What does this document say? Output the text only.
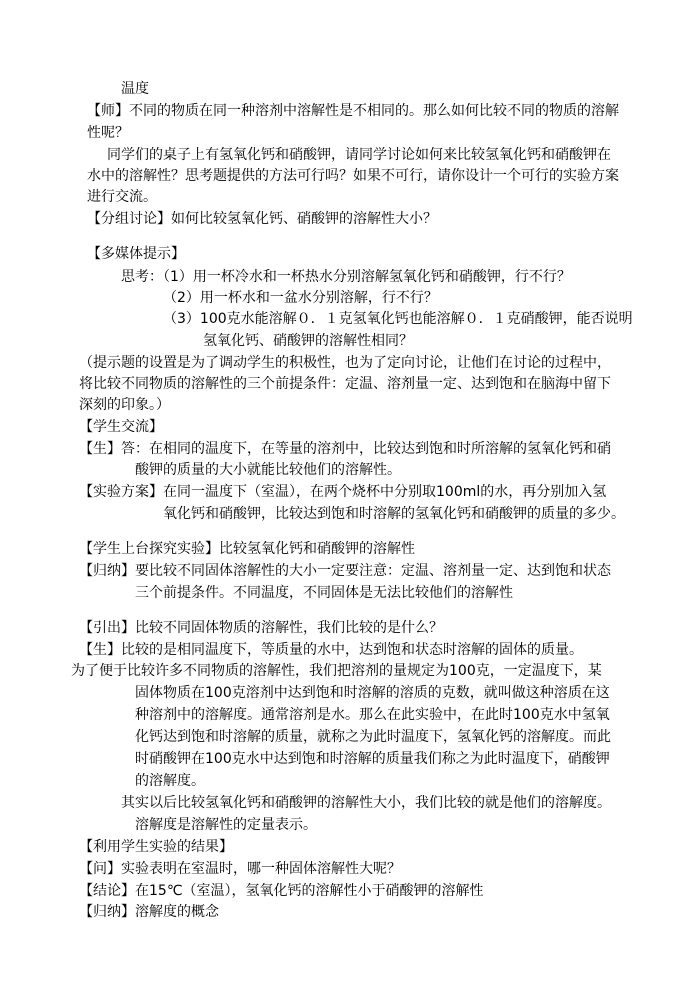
温度
【师】不同的物质在同一种溶剂中溶解性是不相同的。那么如何比较不同的物质的溶解
性呢？
同学们的桌子上有氢氧化钙和硝酸钾，请同学讨论如何来比较氢氧化钙和硝酸钾在
水中的溶解性？思考题提供的方法可行吗？如果不可行，请你设计一个可行的实验方案
进行交流。
【分组讨论】如何比较氢氧化钙、硝酸钾的溶解性大小？
【多媒体提示】
思考：（1）用一杯冷水和一杯热水分别溶解氢氧化钙和硝酸钾，行不行？
（2）用一杯水和一盆水分别溶解，行不行？
（3）100克水能溶解０．１克氢氧化钙也能溶解０．１克硝酸钾，能否说明
氢氧化钙、硝酸钾的溶解性相同？
（提示题的设置是为了调动学生的积极性，也为了定向讨论，让他们在讨论的过程中，
将比较不同物质的溶解性的三个前提条件：定温、溶剂量一定、达到饱和在脑海中留下
深刻的印象。）
【学生交流】
【生】答：在相同的温度下，在等量的溶剂中，比较达到饱和时所溶解的氢氧化钙和硝
酸钾的质量的大小就能比较他们的溶解性。
【实验方案】在同一温度下（室温），在两个烧杯中分别取100ml的水，再分别加入氢
氧化钙和硝酸钾，比较达到饱和时溶解的氢氧化钙和硝酸钾的质量的多少。
【学生上台探究实验】比较氢氧化钙和硝酸钾的溶解性
【归纳】要比较不同固体溶解性的大小一定要注意：定温、溶剂量一定、达到饱和状态
三个前提条件。不同温度，不同固体是无法比较他们的溶解性
【引出】比较不同固体物质的溶解性，我们比较的是什么？
【生】比较的是相同温度下，等质量的水中，达到饱和状态时溶解的固体的质量。
为了便于比较许多不同物质的溶解性，我们把溶剂的量规定为100克，一定温度下，某
固体物质在100克溶剂中达到饱和时溶解的溶质的克数，就叫做这种溶质在这
种溶剂中的溶解度。通常溶剂是水。那么在此实验中，在此时100克水中氢氧
化钙达到饱和时溶解的质量，就称之为此时温度下，氢氧化钙的溶解度。而此
时硝酸钾在100克水中达到饱和时溶解的质量我们称之为此时温度下，硝酸钾
的溶解度。
其实以后比较氢氧化钙和硝酸钾的溶解性大小，我们比较的就是他们的溶解度。
溶解度是溶解性的定量表示。
【利用学生实验的结果】
【问】实验表明在室温时，哪一种固体溶解性大呢？
【结论】在15℃（室温），氢氧化钙的溶解性小于硝酸钾的溶解性
【归纳】溶解度的概念
